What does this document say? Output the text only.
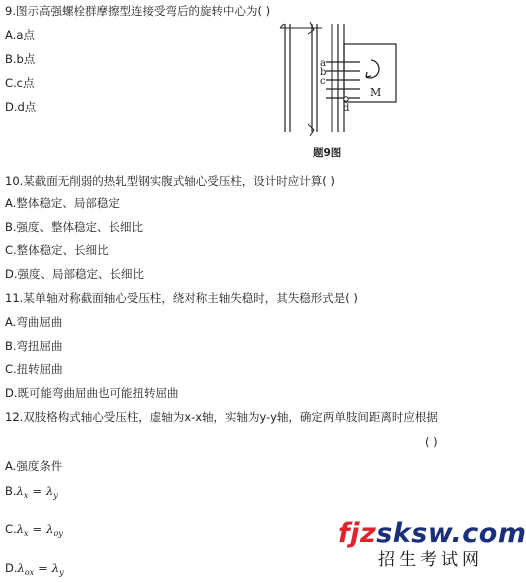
9.图示高强螺栓群摩擦型连接受弯后的旋转中心为( )
A.a点
B.b点
C.c点
D.d点
a
b
c
d
M
题9图
10.某截面无削弱的热轧型钢实腹式轴心受压柱，设计时应计算( )
A.整体稳定、局部稳定
B.强度、整体稳定、长细比
C.整体稳定、长细比
D.强度、局部稳定、长细比
11.某单轴对称截面轴心受压柱，绕对称主轴失稳时，其失稳形式是( )
A.弯曲屈曲
B.弯扭屈曲
C.扭转屈曲
D.既可能弯曲屈曲也可能扭转屈曲
12.双肢格构式轴心受压柱，虚轴为x-x轴，实轴为y-y轴，确定两单肢间距离时应根据
( )
A.强度条件
$B.\lambda_x = \lambda_y$
$C.\lambda_x = \lambda_{oy}$
$D.\lambda_{ox} = \lambda_y$
fjzsksw.com
招生考试网
